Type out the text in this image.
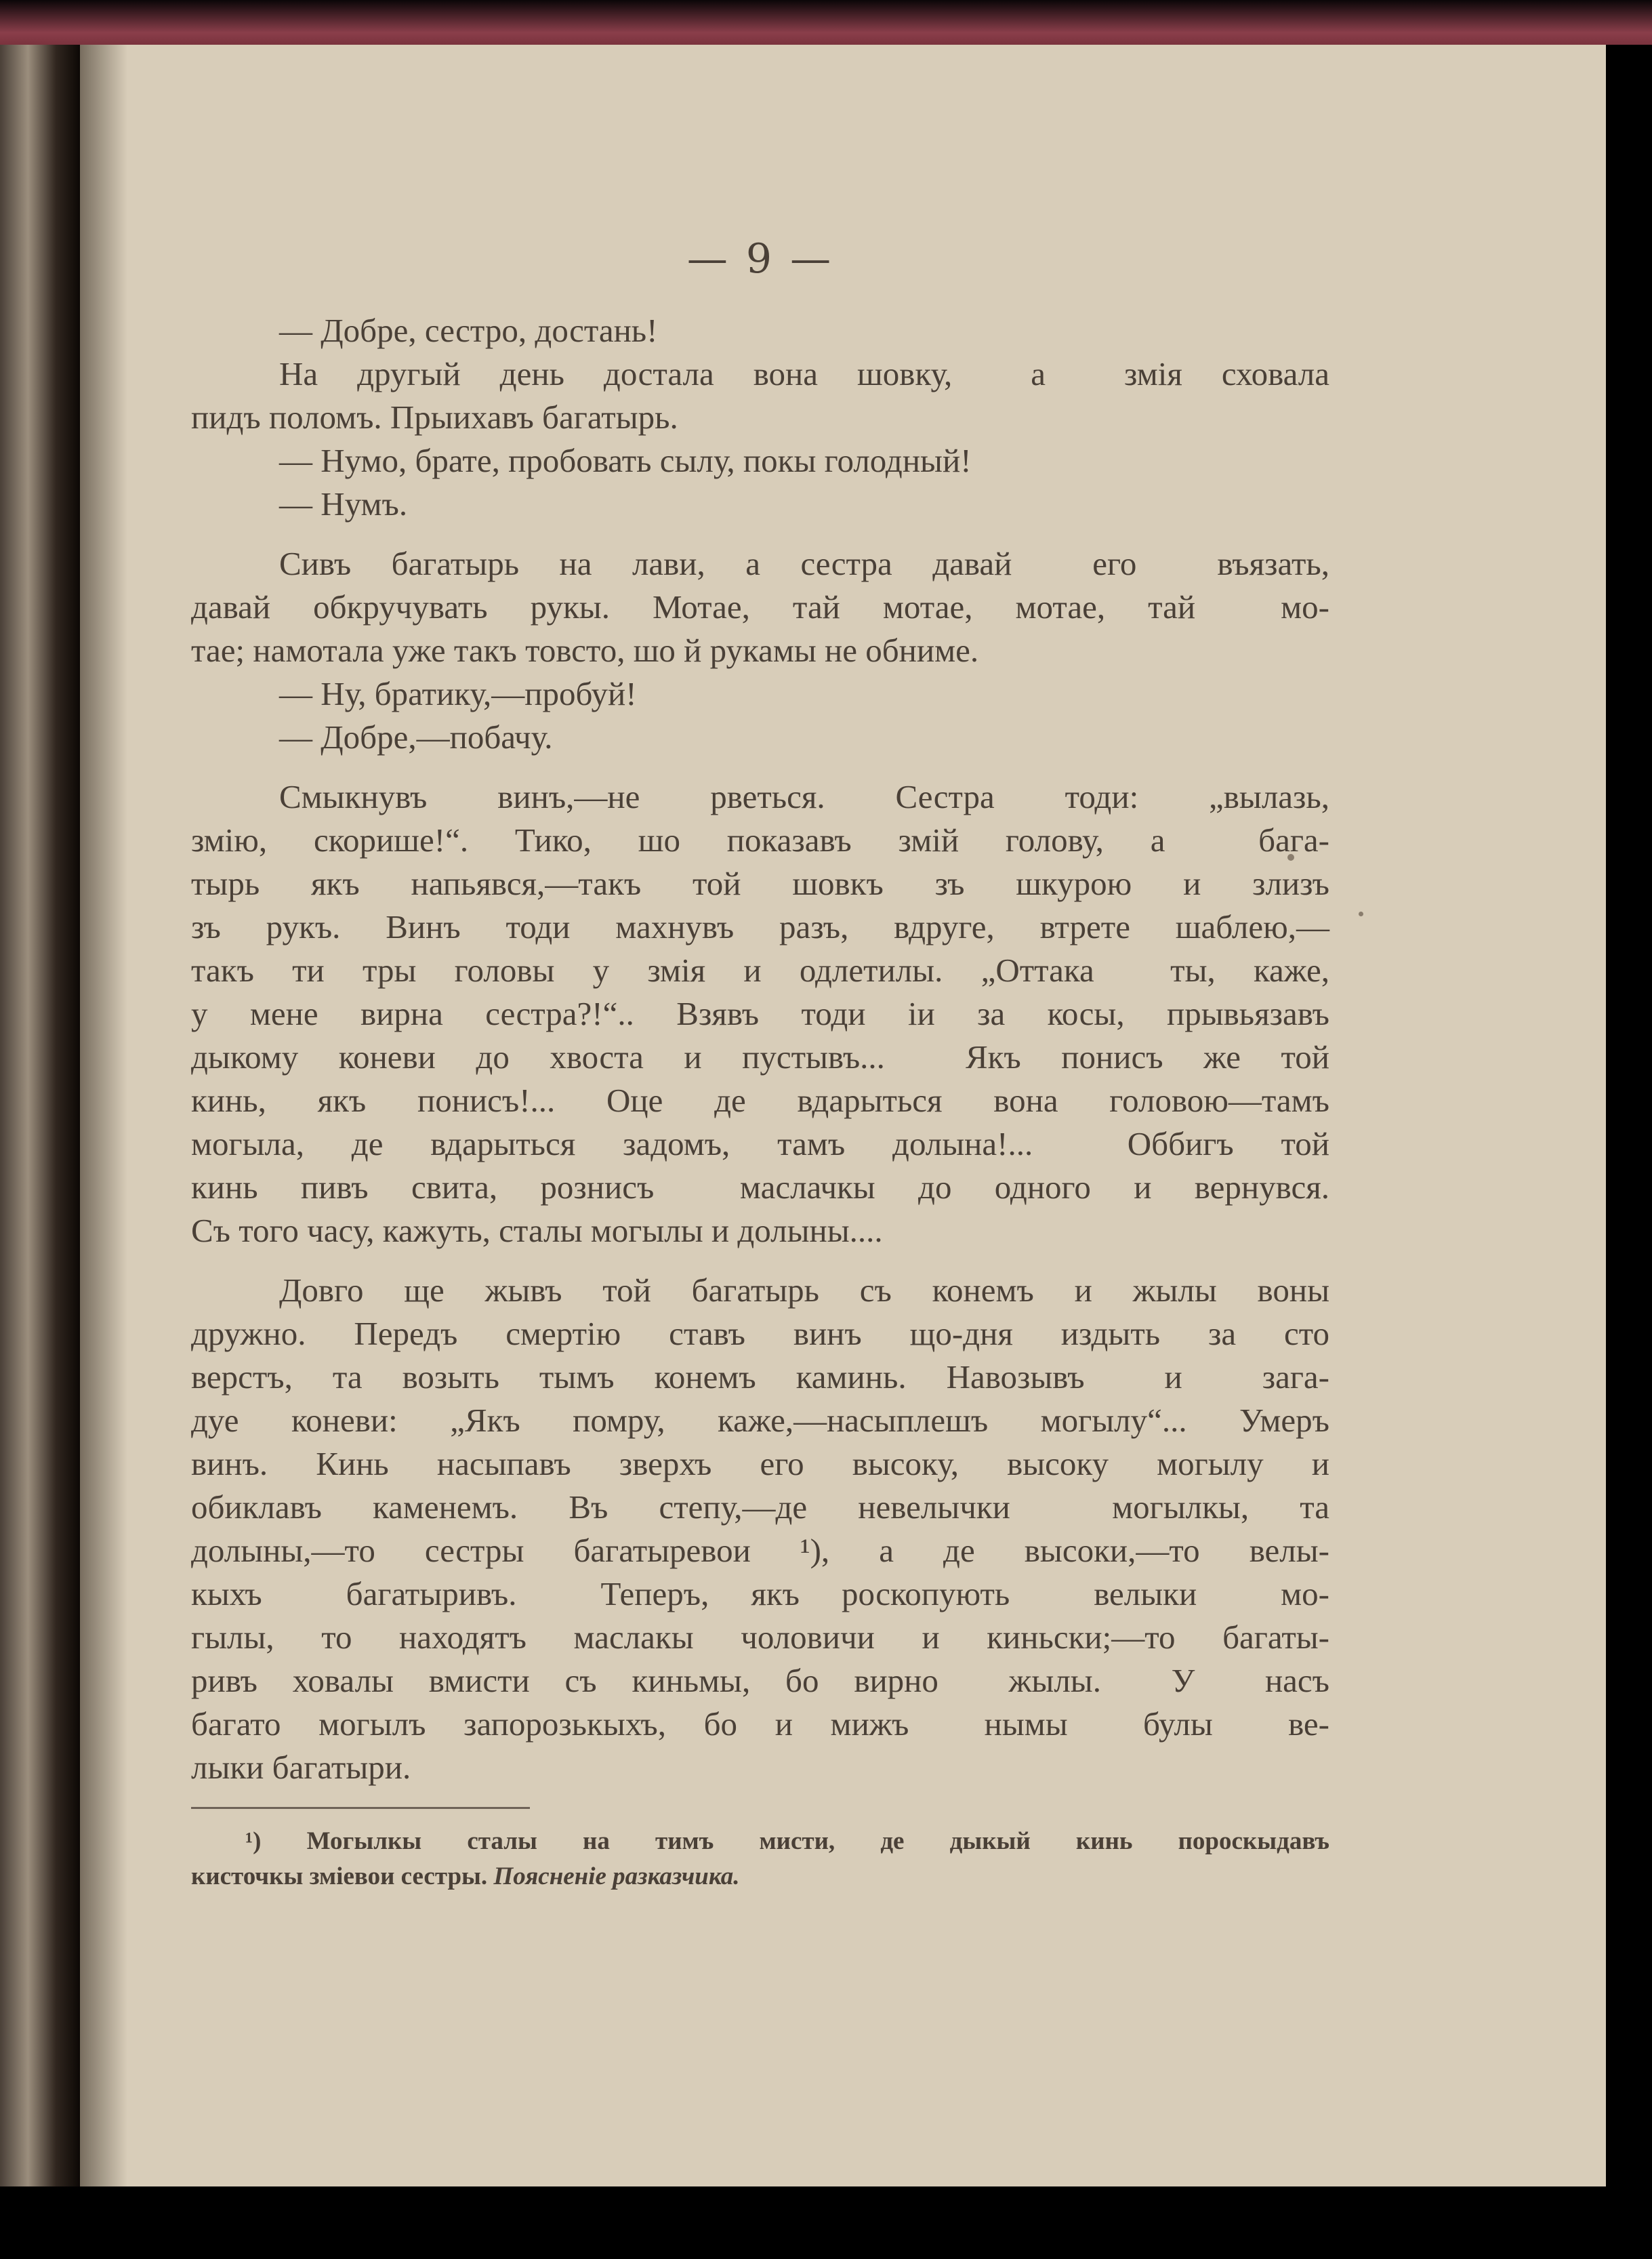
— 9 —
— Добре, сестро, достань!
На другый день достала вона шовку,  а  змія сховала
пидъ поломъ. Прыихавъ багатырь.
— Нумо, брате, пробовать сылу, покы голодный!
— Нумъ.
Сивъ багатырь на лави, а сестра давай  его  въязать,
давай обкручувать рукы. Мотае, тай мотае, мотае, тай  мо-
тае; намотала уже такъ товсто, шо й рукамы не обниме.
— Ну, братику,—пробуй!
— Добре,—побачу.
Смыкнувъ винъ,—не рветься. Сестра тоди: „вылазь,
змію, скорише!“. Тико, шо показавъ змій голову, а  бага-
тырь якъ напьявся,—такъ той шовкъ зъ шкурою и злизъ
зъ рукъ. Винъ тоди махнувъ разъ, вдруге, втрете шаблею,—
такъ ти тры головы у змія и одлетилы. „Оттака  ты, каже,
у мене вирна сестра?!“.. Взявъ тоди іи за косы, прывьязавъ
дыкому коневи до хвоста и пустывъ...  Якъ понисъ же той
кинь, якъ понисъ!... Оце де вдарыться вона головою—тамъ
могыла, де вдарыться задомъ, тамъ долына!...  Оббигъ той
кинь пивъ свита, рознисъ  маслачкы до одного и вернувся.
Съ того часу, кажуть, сталы могылы и долыны....
Довго ще жывъ той багатырь съ конемъ и жылы воны
дружно. Передъ смертію ставъ винъ що-дня издыть за сто
верстъ, та возыть тымъ конемъ каминь. Навозывъ  и  зага-
дуе коневи: „Якъ помру, каже,—насыплешъ могылу“... Умеръ
винъ. Кинь насыпавъ зверхъ его высоку, высоку могылу и
обиклавъ каменемъ. Въ степу,—де невелычки  могылкы, та
долыны,—то сестры багатыревои ¹), а де высоки,—то велы-
кыхъ  багатыривъ.  Теперъ, якъ роскопують  велыки  мо-
гылы, то находятъ маслакы чоловичи и киньски;—то багаты-
ривъ ховалы вмисти съ киньмы, бо вирно  жылы.  У  насъ
багато могылъ запорозькыхъ, бо и мижъ  нымы  булы  ве-
лыки багатыри.
¹) Могылкы сталы на тимъ мисти, де дыкый кинь пороскыдавъ
кисточкы зміевои сестры. Поясненіе разказчика.
